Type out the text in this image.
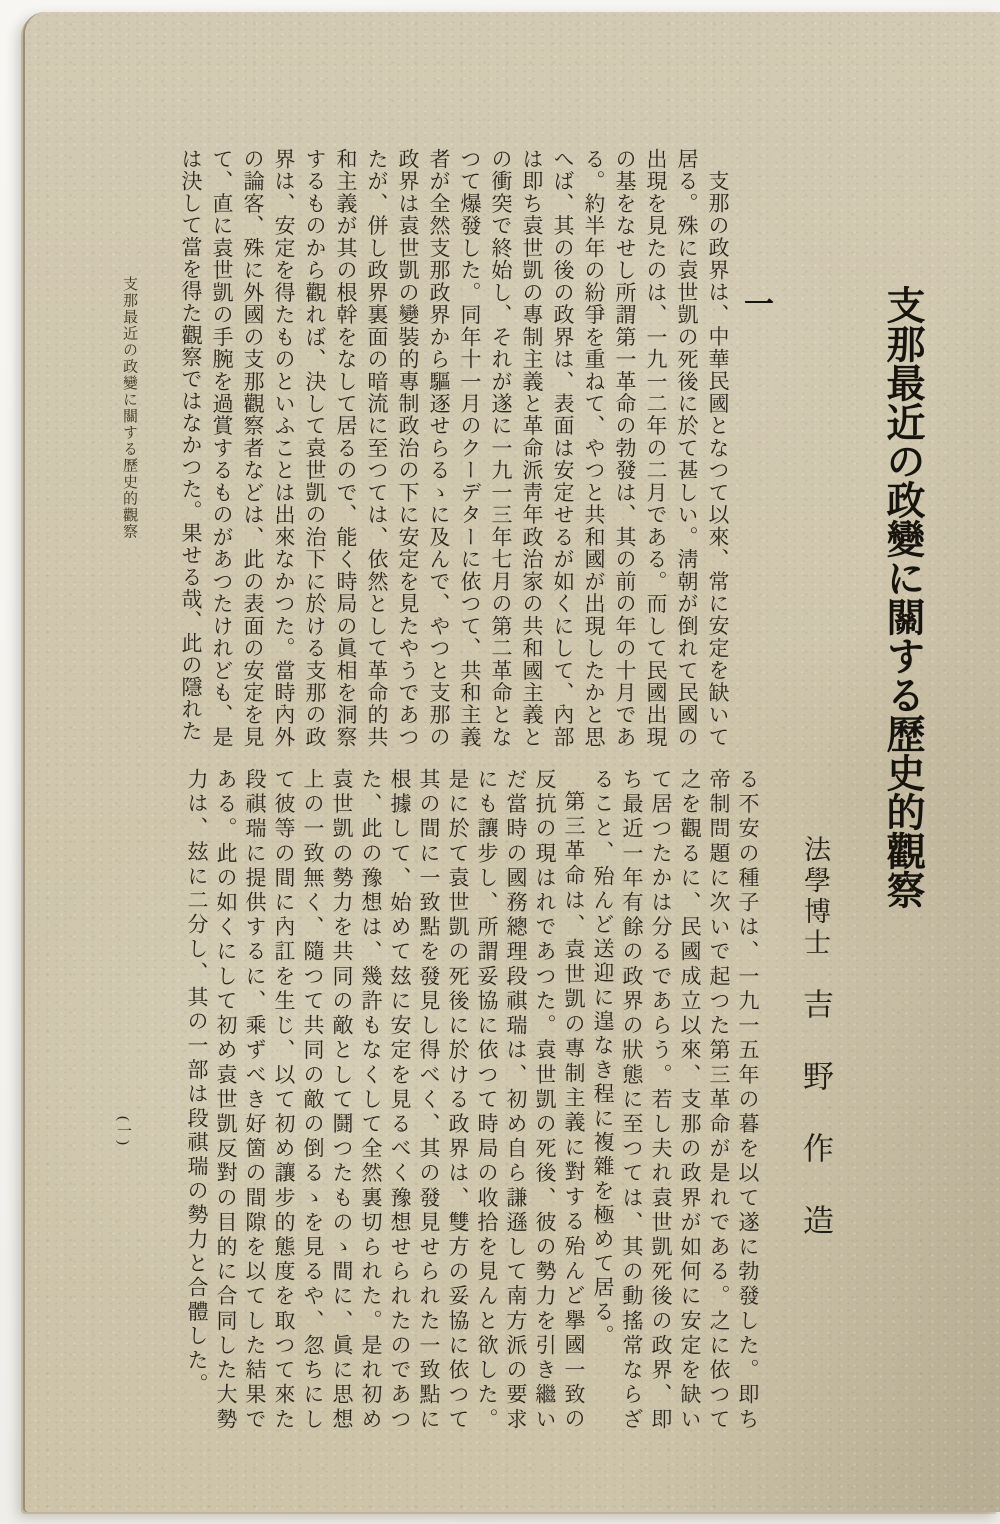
支那最近の政變に關する歷史的觀察
法學博士 吉野作造
一

支那の政界は、中華民國となつて以來、常に安定を缺いて居る。殊に袁世凱の死後に於て甚しい。淸朝が倒れて民國の出現を見たのは、一九一二年の二月である。而して民國出現の基をなせし所謂第一革命の勃發は、其の前の年の十月である。約半年の紛爭を重ねて、やつと共和國が出現したかと思へば、其の後の政界は、表面は安定せるが如くにして、內部は即ち袁世凱の專制主義と革命派靑年政治家の共和國主義との衝突で終始し、それが遂に一九一三年七月の第二革命となつて爆發した。同年十一月のクーデターに依つて、共和主義者が全然支那政界から驅逐せらるゝに及んで、やつと支那の政界は袁世凱の變裝的專制政治の下に安定を見たやうであつたが、併し政界裏面の暗流に至つては、依然として革命的共和主義が其の根幹をなして居るので、能く時局の眞相を洞察するものから觀れば、決して袁世凱の治下に於ける支那の政界は、安定を得たものといふことは出來なかつた。當時內外の論客、殊に外國の支那觀察者などは、此の表面の安定を見て、直に袁世凱の手腕を過賞するものがあつたけれども、是は決して當を得た觀察ではなかつた。果せる哉、此の隱れた

る不安の種子は、一九一五年の暮を以て遂に勃發した。即ち帝制問題に次いで起つた第三革命が是れである。之に依つて之を觀るに、民國成立以來、支那の政界が如何に安定を缺いて居つたかは分るであらう。若し夫れ袁世凱死後の政界、即ち最近一年有餘の政界の狀態に至つては、其の動搖常ならざること、殆んど送迎に遑なき程に複雜を極めて居る。

第三革命は、袁世凱の專制主義に對する殆んど擧國一致の反抗の現はれであつた。袁世凱の死後、彼の勢力を引き繼いだ當時の國務總理段祺瑞は、初め自ら謙遜して南方派の要求にも讓步し、所謂妥協に依つて時局の收拾を見んと欲した。是に於て袁世凱の死後に於ける政界は、雙方の妥協に依つて其の間に一致點を發見し得べく、其の發見せられた一致點に根據して、始めて玆に安定を見るべく豫想せられたのであつた、此の豫想は、幾許もなくして全然裏切られた。是れ初め袁世凱の勢力を共同の敵として鬪つたものゝ間に、眞に思想上の一致無く、隨つて共同の敵の倒るゝを見るや、忽ちにして彼等の間に內訌を生じ、以て初め讓步的態度を取つて來た段祺瑞に提供するに、乘ずべき好箇の間隙を以てした結果である。此の如くにして初め袁世凱反對の目的に合同した大勢力は、玆に二分し、其の一部は段祺瑞の勢力と合體した。

支那最近の政變に關する歷史的觀察
(一)
